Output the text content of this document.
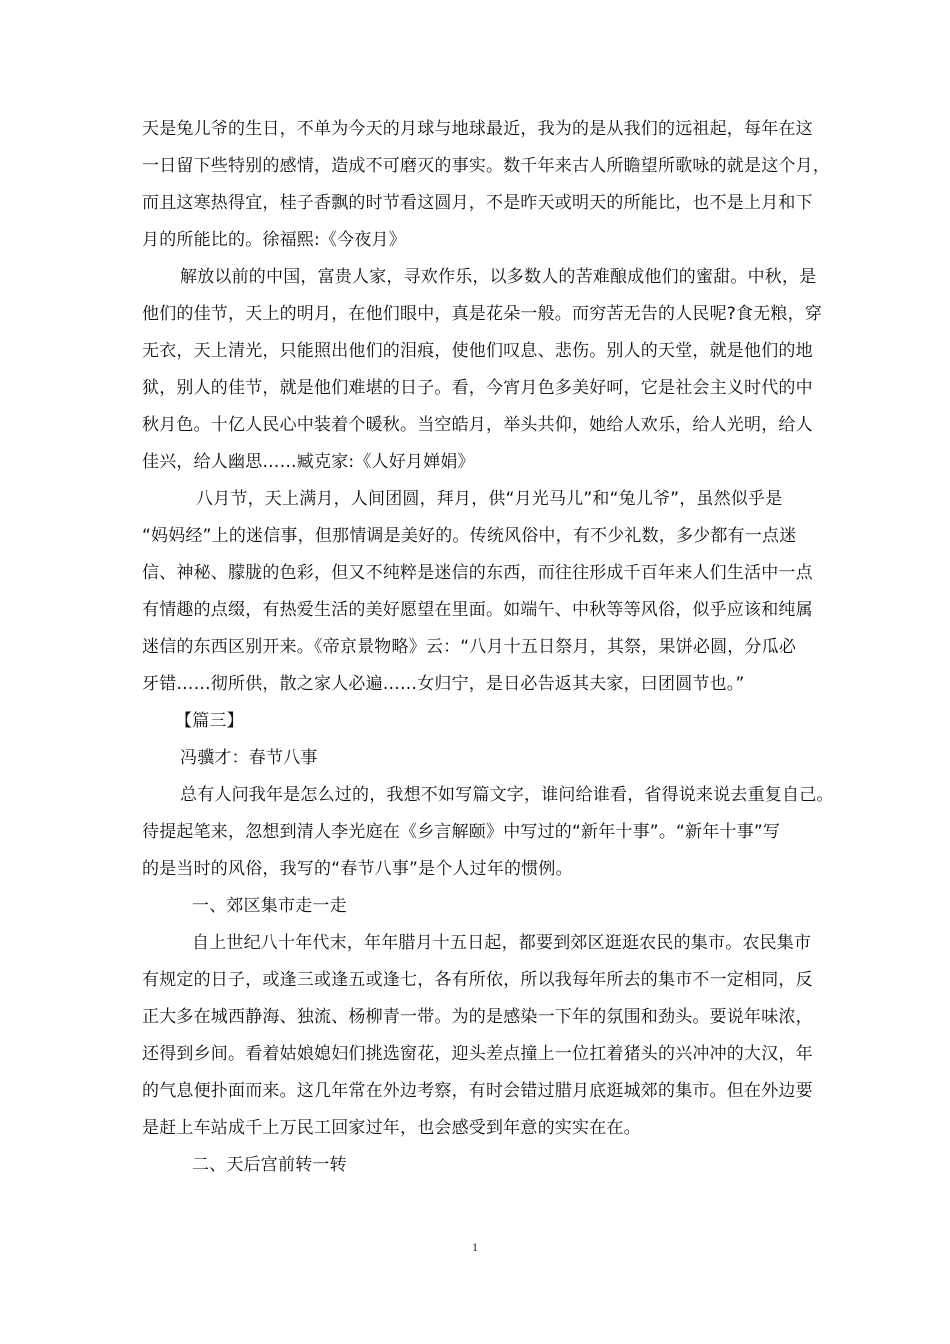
天是兔儿爷的生日，不单为今天的月球与地球最近，我为的是从我们的远祖起，每年在这
一日留下些特别的感情，造成不可磨灭的事实。数千年来古人所瞻望所歌咏的就是这个月，
而且这寒热得宜，桂子香飘的时节看这圆月，不是昨天或明天的所能比，也不是上月和下
月的所能比的。徐福熙:《今夜月》
解放以前的中国，富贵人家，寻欢作乐，以多数人的苦难酿成他们的蜜甜。中秋，是
他们的佳节，天上的明月，在他们眼中，真是花朵一般。而穷苦无告的人民呢?食无粮，穿
无衣，天上清光，只能照出他们的泪痕，使他们叹息、悲伤。别人的天堂，就是他们的地
狱，别人的佳节，就是他们难堪的日子。看，今宵月色多美好呵，它是社会主义时代的中
秋月色。十亿人民心中装着个暖秋。当空皓月，举头共仰，她给人欢乐，给人光明，给人
佳兴，给人幽思……臧克家:《人好月婵娟》
八月节，天上满月，人间团圆，拜月，供“月光马儿”和“兔儿爷”，虽然似乎是
“妈妈经”上的迷信事，但那情调是美好的。传统风俗中，有不少礼数，多少都有一点迷
信、神秘、朦胧的色彩，但又不纯粹是迷信的东西，而往往形成千百年来人们生活中一点
有情趣的点缀，有热爱生活的美好愿望在里面。如端午、中秋等等风俗，似乎应该和纯属
迷信的东西区别开来。《帝京景物略》云：“八月十五日祭月，其祭，果饼必圆，分瓜必
牙错……彻所供，散之家人必遍……女归宁，是日必告返其夫家，曰团圆节也。”
【篇三】
冯骥才：春节八事
总有人问我年是怎么过的，我想不如写篇文字，谁问给谁看，省得说来说去重复自己。
待提起笔来，忽想到清人李光庭在《乡言解颐》中写过的“新年十事”。“新年十事”写
的是当时的风俗，我写的“春节八事”是个人过年的惯例。
一、郊区集市走一走
自上世纪八十年代末，年年腊月十五日起，都要到郊区逛逛农民的集市。农民集市
有规定的日子，或逢三或逢五或逢七，各有所依，所以我每年所去的集市不一定相同，反
正大多在城西静海、独流、杨柳青一带。为的是感染一下年的氛围和劲头。要说年味浓，
还得到乡间。看着姑娘媳妇们挑选窗花，迎头差点撞上一位扛着猪头的兴冲冲的大汉，年
的气息便扑面而来。这几年常在外边考察，有时会错过腊月底逛城郊的集市。但在外边要
是赶上车站成千上万民工回家过年，也会感受到年意的实实在在。
二、天后宫前转一转
1
